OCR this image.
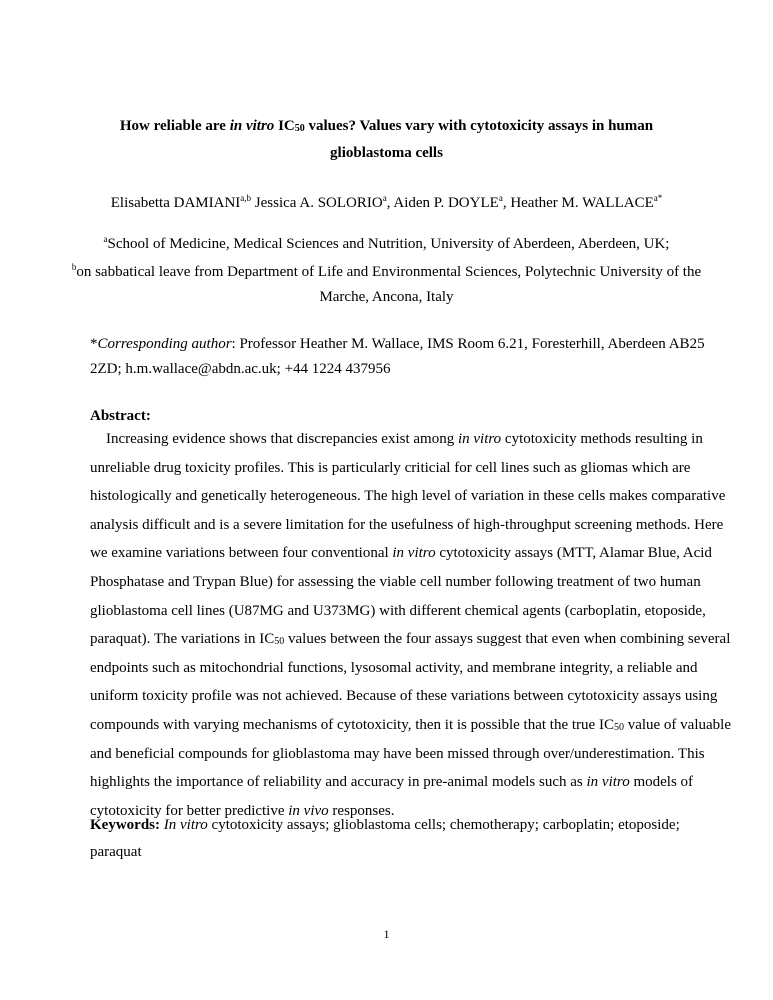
How reliable are in vitro $IC_{50}$ values? Values vary with cytotoxicity assays in human
glioblastoma cells
Elisabetta DAMIANI$^{a,b}$ Jessica A. SOLORIO$^a$, Aiden P. DOYLE$^a$, Heather M. $WALLACE^{a*}$
$^a$School of Medicine, Medical Sciences and Nutrition, University of Aberdeen, Aberdeen, UK;
$^b$on sabbatical leave from Department of Life and Environmental Sciences, Polytechnic University of the
Marche, Ancona, Italy
*Corresponding author: Professor Heather M. Wallace, IMS Room 6.21, Foresterhill, Aberdeen AB25
2ZD; h.m.wallace@abdn.ac.uk; +44 1224 437956
Abstract:
Increasing evidence shows that discrepancies exist among in vitro cytotoxicity methods resulting in
unreliable drug toxicity profiles. This is particularly criticial for cell lines such as gliomas which are
histologically and genetically heterogeneous. The high level of variation in these cells makes comparative
analysis difficult and is a severe limitation for the usefulness of high-throughput screening methods. Here
we examine variations between four conventional in vitro cytotoxicity assays (MTT, Alamar Blue, Acid
Phosphatase and Trypan Blue) for assessing the viable cell number following treatment of two human
glioblastoma cell lines (U87MG and U373MG) with different chemical agents (carboplatin, etoposide,
paraquat). The variations in $IC_{50}$ values between the four assays suggest that even when combining several
endpoints such as mitochondrial functions, lysosomal activity, and membrane integrity, a reliable and
uniform toxicity profile was not achieved. Because of these variations between cytotoxicity assays using
compounds with varying mechanisms of cytotoxicity, then it is possible that the true $IC_{50}$ value of valuable
and beneficial compounds for glioblastoma may have been missed through over/underestimation. This
highlights the importance of reliability and accuracy in pre-animal models such as in vitro models of
cytotoxicity for better predictive in vivo responses.
Keywords: In vitro cytotoxicity assays; glioblastoma cells; chemotherapy; carboplatin; etoposide;
paraquat
1
